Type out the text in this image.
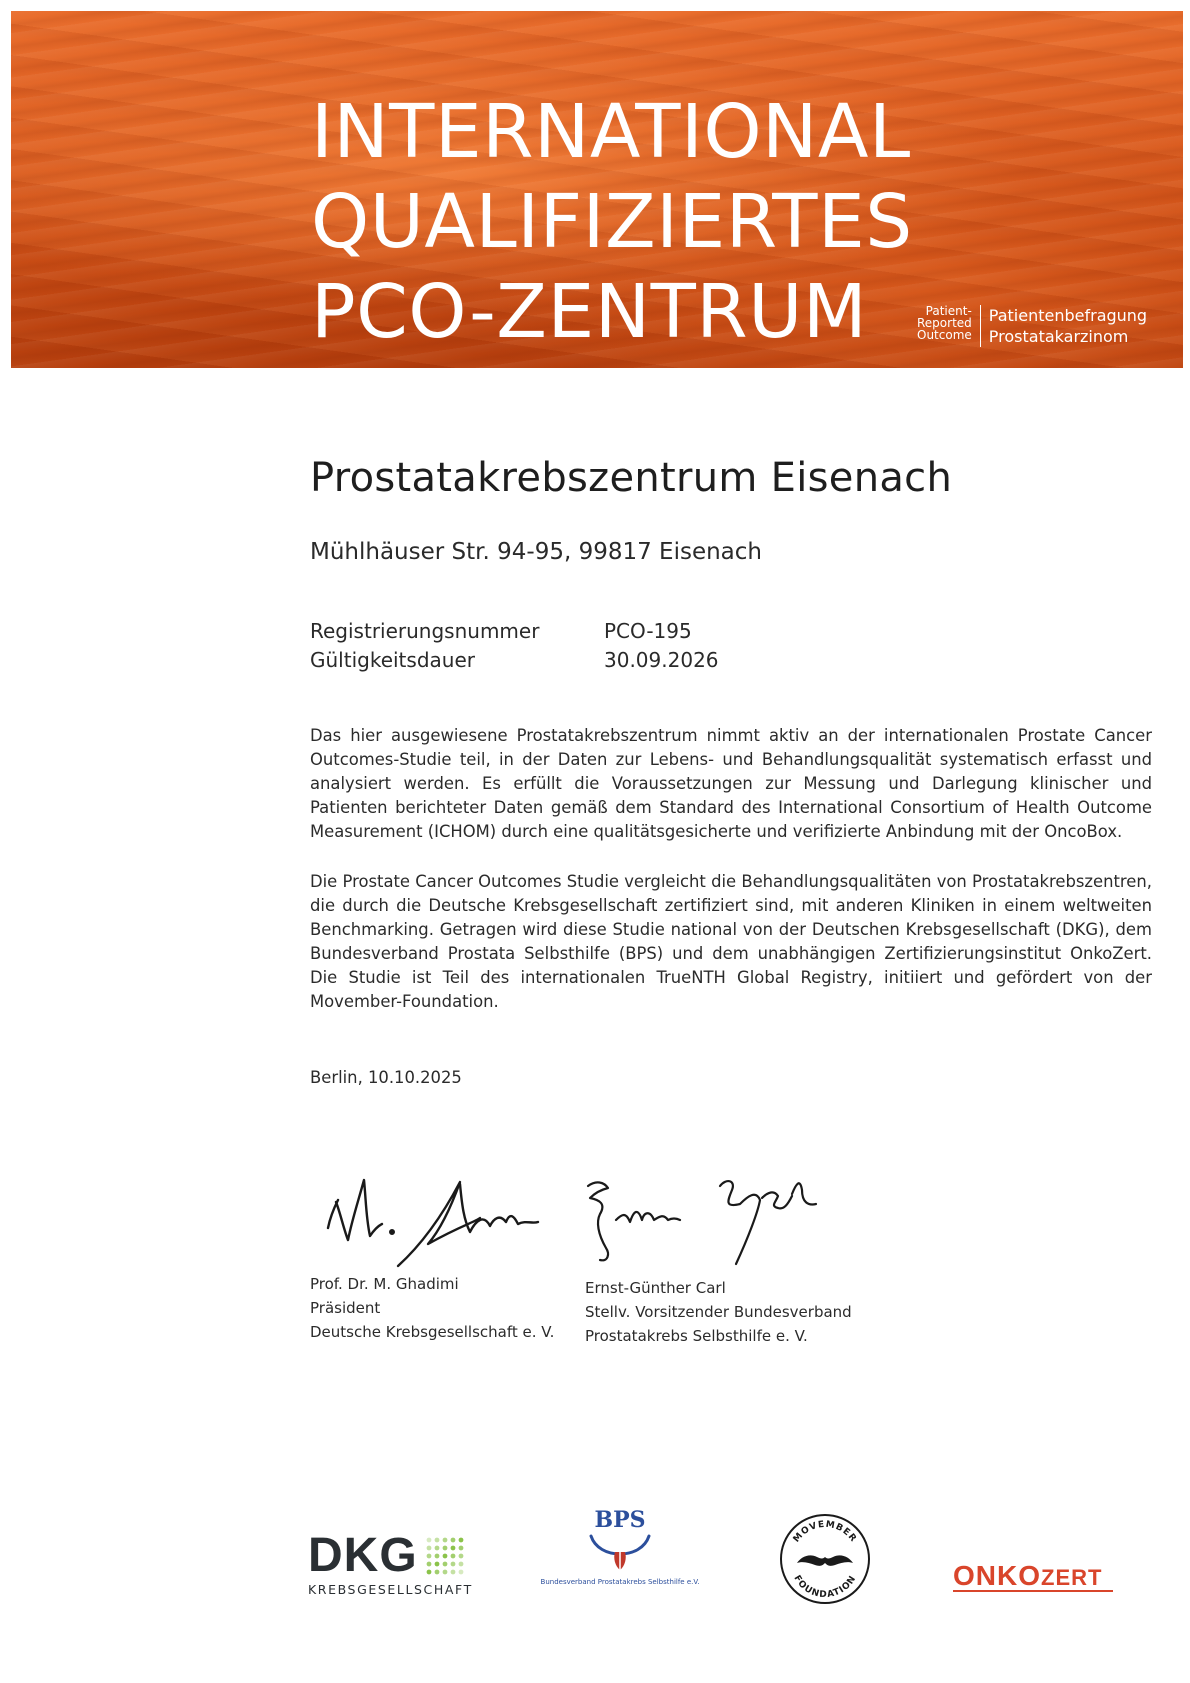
INTERNATIONAL
QUALIFIZIERTES
PCO-ZENTRUM	Patient-
Reported
Outcome
Patientenbefragung
Prostatakarzinom
Prostatakrebszentrum Eisenach

Mühlhäuser Str. 94-95, 99817 Eisenach

Registrierungsnummer	PCO-195
Gültigkeitsdauer	30.09.2026

Das hier ausgewiesene Prostatakrebszentrum nimmt aktiv an der internationalen Prostate Cancer Outcomes-Studie teil, in der Daten zur Lebens- und Behandlungsqualität systematisch erfasst und analysiert werden. Es erfüllt die Voraussetzungen zur Messung und Darlegung klinischer und Patienten berichteter Daten gemäß dem Standard des International Consortium of Health Outcome Measurement (ICHOM) durch eine qualitätsgesicherte und verifizierte Anbindung mit der OncoBox.

Die Prostate Cancer Outcomes Studie vergleicht die Behandlungsqualitäten von Prostatakrebszentren, die durch die Deutsche Krebsgesellschaft zertifiziert sind, mit anderen Kliniken in einem weltweiten Benchmarking. Getragen wird diese Studie national von der Deutschen Krebsgesellschaft (DKG), dem Bundesverband Prostata Selbsthilfe (BPS) und dem unabhängigen Zertifizierungsinstitut OnkoZert. Die Studie ist Teil des internationalen TrueNTH Global Registry, initiiert und gefördert von der Movember-Foundation.

Berlin, 10.10.2025

Prof. Dr. M. Ghadimi
Präsident
Deutsche Krebsgesellschaft e. V.
Ernst-Günther Carl
Stellv. Vorsitzender Bundesverband
Prostatakrebs Selbsthilfe e. V.
DKG
KREBSGESELLSCHAFT
BPS
Bundesverband Prostatakrebs Selbsthilfe e.V.
MOVEMBER
FOUNDATION	ONKOZERT
